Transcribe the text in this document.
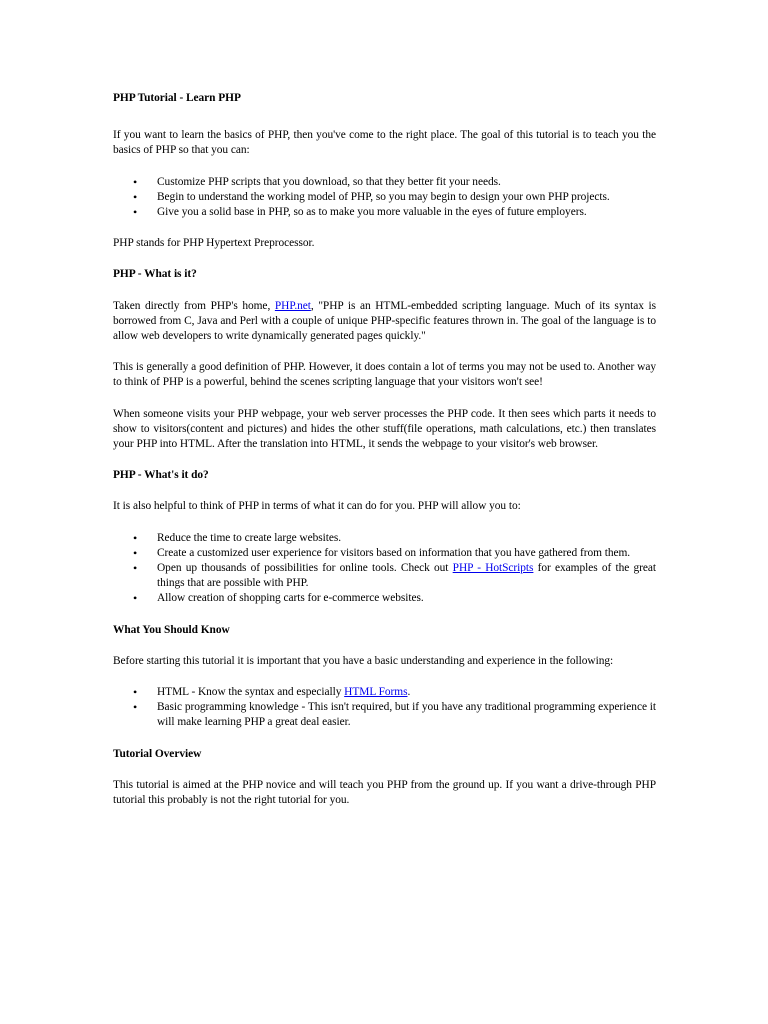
PHP Tutorial - Learn PHP

If you want to learn the basics of PHP, then you've come to the right place. The goal of this tutorial is to teach you the basics of PHP so that you can:

• Customize PHP scripts that you download, so that they better fit your needs.
• Begin to understand the working model of PHP, so you may begin to design your own PHP projects.
• Give you a solid base in PHP, so as to make you more valuable in the eyes of future employers.

PHP stands for PHP Hypertext Preprocessor.

PHP - What is it?

Taken directly from PHP's home, PHP.net, "PHP is an HTML-embedded scripting language. Much of its syntax is borrowed from C, Java and Perl with a couple of unique PHP-specific features thrown in. The goal of the language is to allow web developers to write dynamically generated pages quickly."

This is generally a good definition of PHP. However, it does contain a lot of terms you may not be used to. Another way to think of PHP is a powerful, behind the scenes scripting language that your visitors won't see!

When someone visits your PHP webpage, your web server processes the PHP code. It then sees which parts it needs to show to visitors(content and pictures) and hides the other stuff(file operations, math calculations, etc.) then translates your PHP into HTML. After the translation into HTML, it sends the webpage to your visitor's web browser.

PHP - What's it do?

It is also helpful to think of PHP in terms of what it can do for you. PHP will allow you to:

• Reduce the time to create large websites.
• Create a customized user experience for visitors based on information that you have gathered from them.
• Open up thousands of possibilities for online tools. Check out PHP - HotScripts for examples of the great things that are possible with PHP.
• Allow creation of shopping carts for e-commerce websites.
What You Should Know

Before starting this tutorial it is important that you have a basic understanding and experience in the following:

• HTML - Know the syntax and especially HTML Forms.
• Basic programming knowledge - This isn't required, but if you have any traditional programming experience it will make learning PHP a great deal easier.
Tutorial Overview

This tutorial is aimed at the PHP novice and will teach you PHP from the ground up. If you want a drive-through PHP tutorial this probably is not the right tutorial for you.
